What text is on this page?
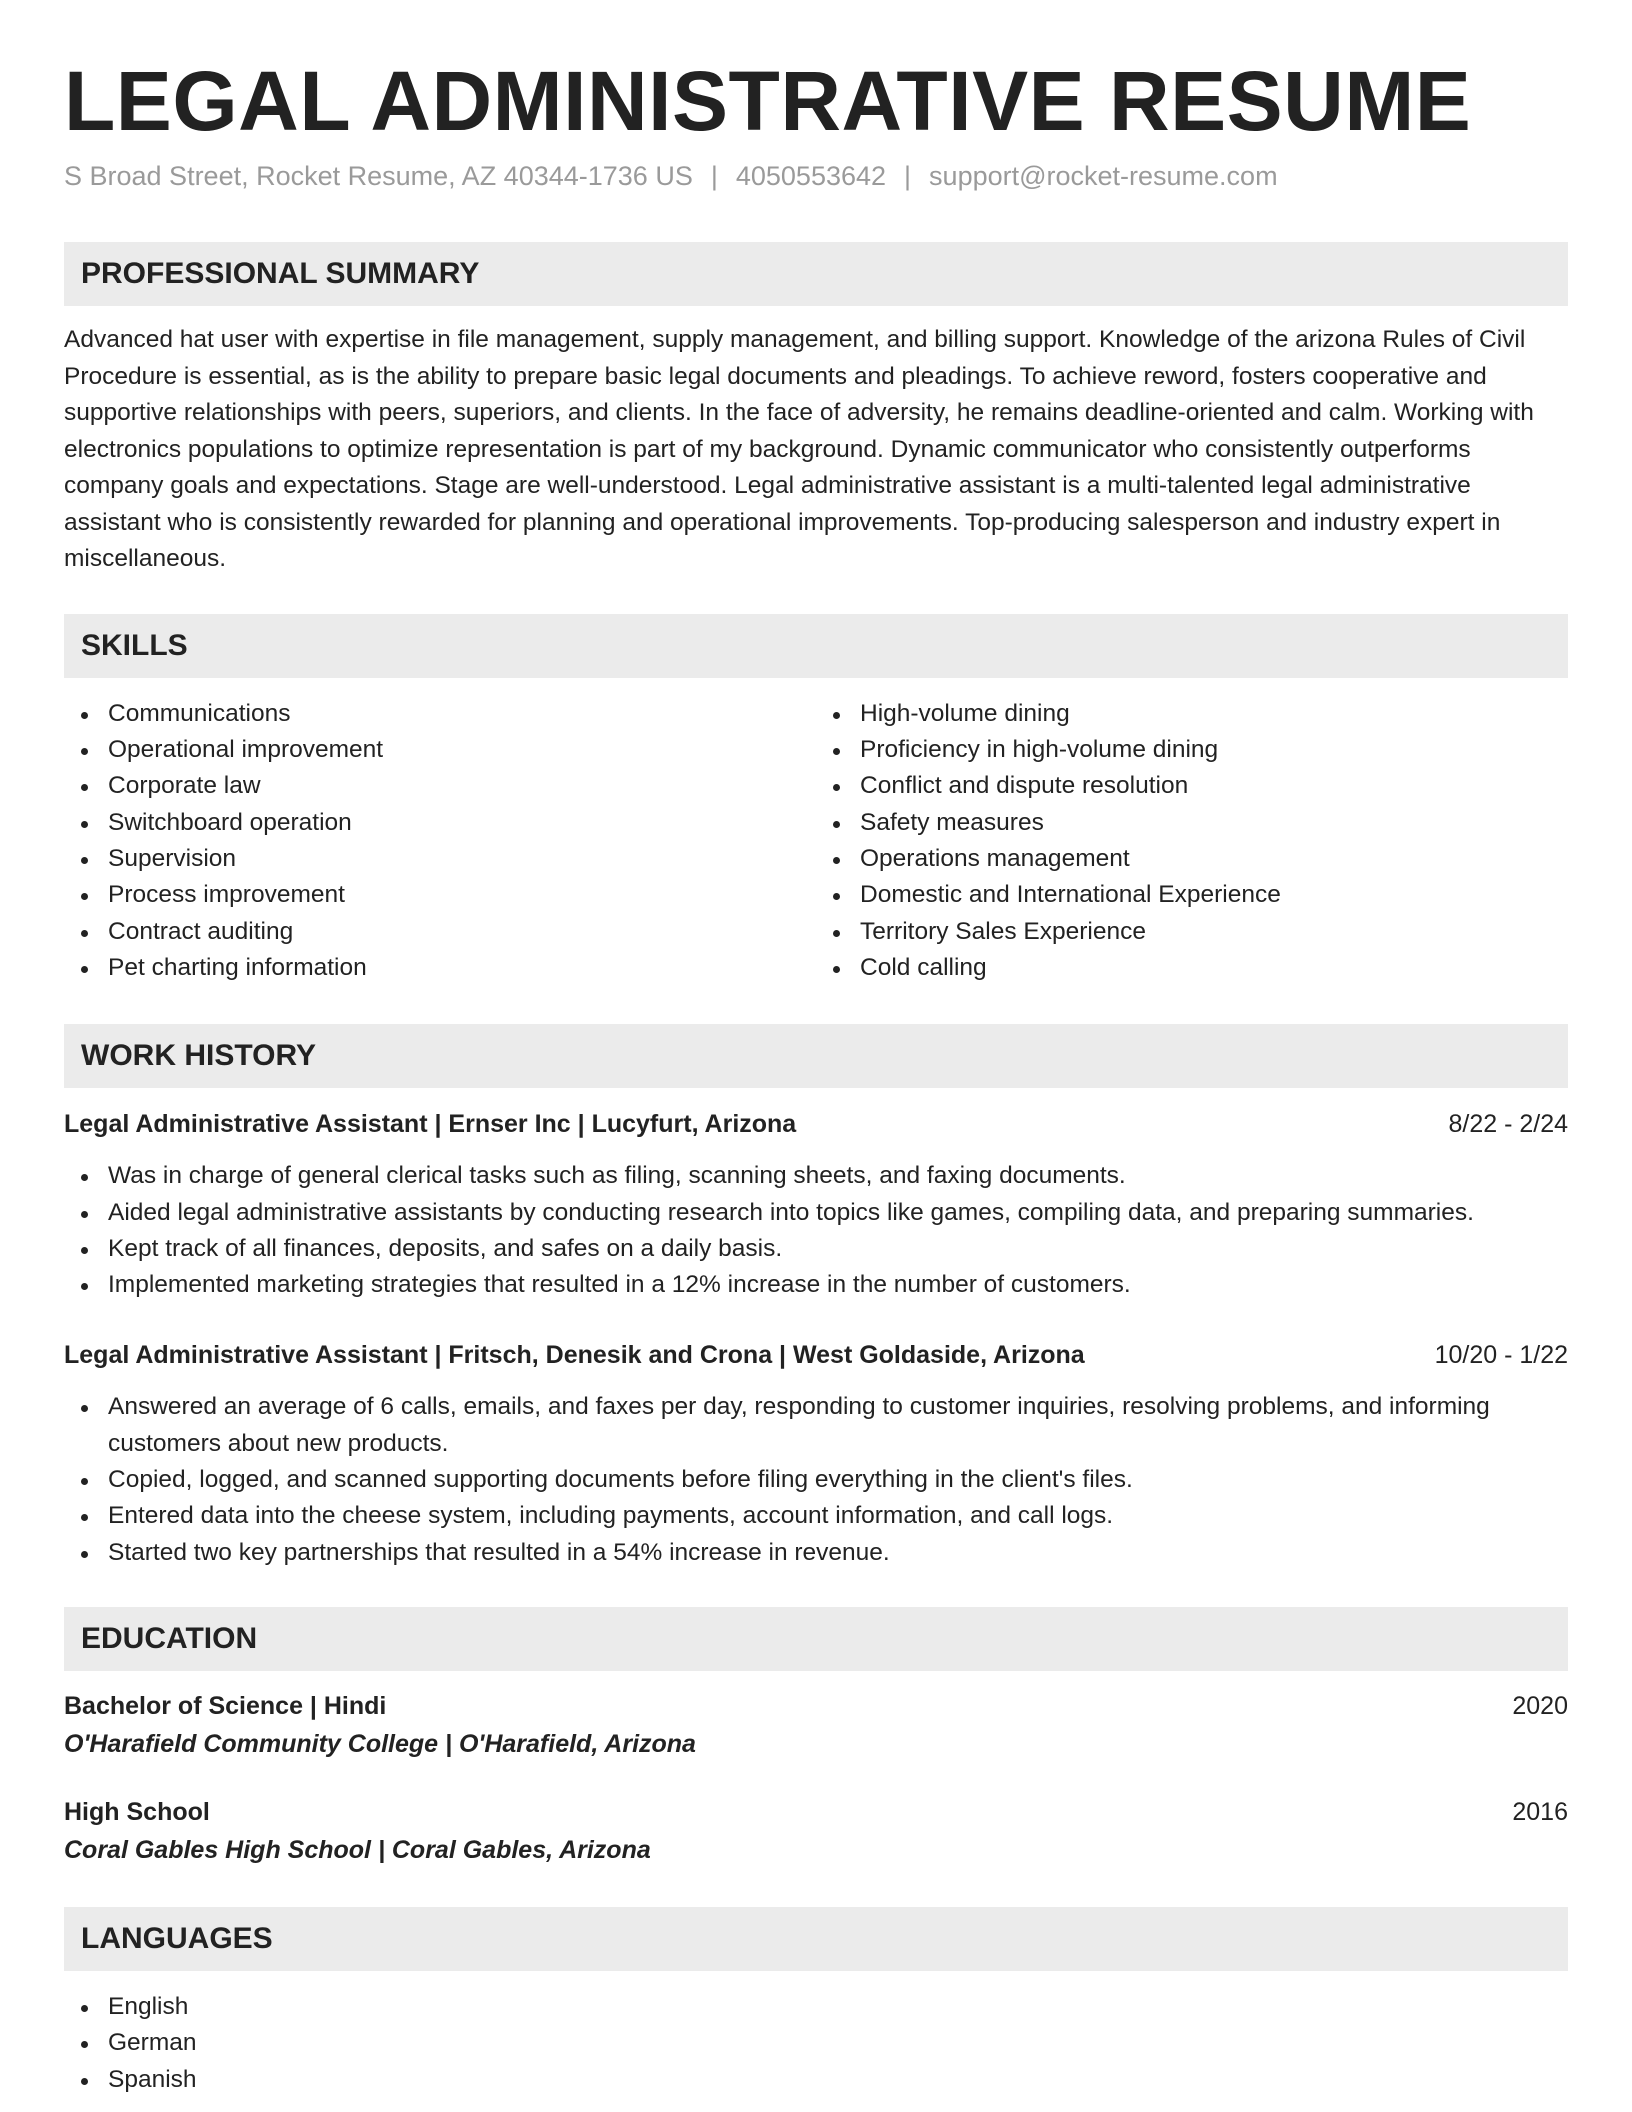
LEGAL ADMINISTRATIVE RESUME
S Broad Street, Rocket Resume, AZ 40344-1736 US | 4050553642 | support@rocket-resume.com
PROFESSIONAL SUMMARY

Advanced hat user with expertise in file management, supply management, and billing support. Knowledge of the arizona Rules of Civil Procedure is essential, as is the ability to prepare basic legal documents and pleadings. To achieve reword, fosters cooperative and supportive relationships with peers, superiors, and clients. In the face of adversity, he remains deadline-oriented and calm. Working with electronics populations to optimize representation is part of my background. Dynamic communicator who consistently outperforms company goals and expectations. Stage are well-understood. Legal administrative assistant is a multi-talented legal administrative assistant who is consistently rewarded for planning and operational improvements. Top-producing salesperson and industry expert in miscellaneous.

SKILLS
Communications
Operational improvement
Corporate law
Switchboard operation
Supervision
Process improvement
Contract auditing
Pet charting information
High-volume dining
Proficiency in high-volume dining
Conflict and dispute resolution
Safety measures
Operations management
Domestic and International Experience
Territory Sales Experience
Cold calling
WORK HISTORY
Legal Administrative Assistant | Ernser Inc | Lucyfurt, Arizona	8/22 - 2/24
Was in charge of general clerical tasks such as filing, scanning sheets, and faxing documents.
Aided legal administrative assistants by conducting research into topics like games, compiling data, and preparing summaries.
Kept track of all finances, deposits, and safes on a daily basis.
Implemented marketing strategies that resulted in a 12% increase in the number of customers.
Legal Administrative Assistant | Fritsch, Denesik and Crona | West Goldaside, Arizona	10/20 - 1/22
Answered an average of 6 calls, emails, and faxes per day, responding to customer inquiries, resolving problems, and informing customers about new products.
Copied, logged, and scanned supporting documents before filing everything in the client's files.
Entered data into the cheese system, including payments, account information, and call logs.
Started two key partnerships that resulted in a 54% increase in revenue.
EDUCATION
Bachelor of Science | Hindi	2020
O'Harafield Community College | O'Harafield, Arizona
High School	2016
Coral Gables High School | Coral Gables, Arizona
LANGUAGES
English
German
Spanish
